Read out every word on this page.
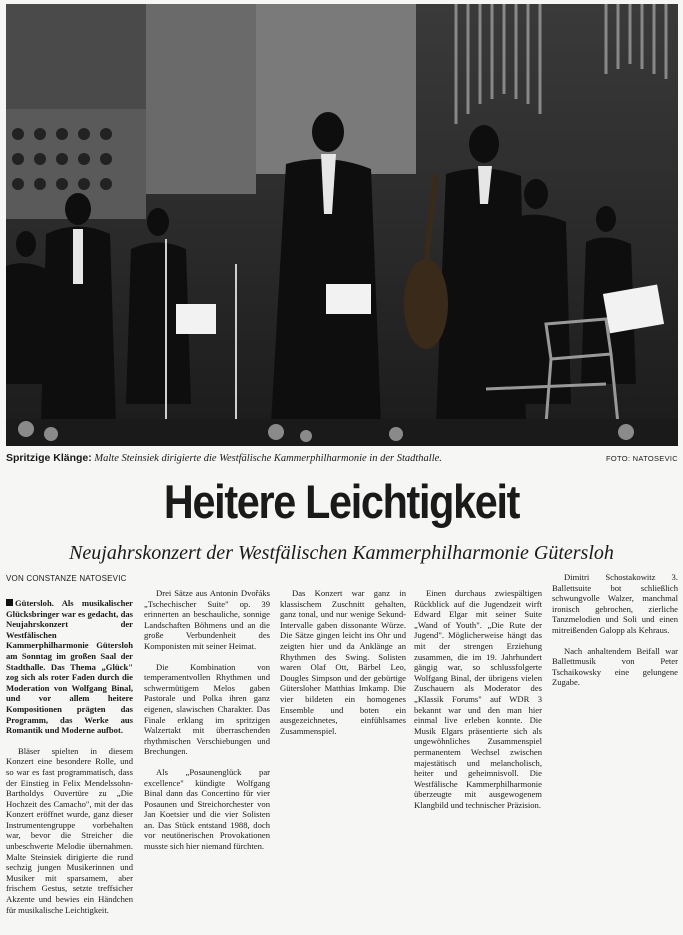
Spritzige Klänge: Malte Steinsiek dirigierte die Westfälische Kammerphilharmonie in der Stadthalle.	FOTO: NATOSEVIC
Heitere Leichtigkeit
Neujahrskonzert der Westfälischen Kammerphilharmonie Gütersloh
VON CONSTANZE NATOSEVIC

Gütersloh. Als musikalischer Glücksbringer war es gedacht, das Neujahrskonzert der Westfälischen Kammerphilharmonie Gütersloh am Sonntag im großen Saal der Stadthalle. Das Thema „Glück" zog sich als roter Faden durch die Moderation von Wolfgang Binal, und vor allem heitere Kompositionen prägten das Programm, das Werke aus Romantik und Moderne aufbot.

Bläser spielten in diesem Konzert eine besondere Rolle, und so war es fast programmatisch, dass der Einstieg in Felix Mendelssohn-Bartholdys Ouvertüre zu „Die Hochzeit des Camacho", mit der das Konzert eröffnet wurde, ganz dieser Instrumentengruppe vorbehalten war, bevor die Streicher die unbeschwerte Melodie übernahmen. Malte Steinsiek dirigierte die rund sechzig jungen Musikerinnen und Musiker mit sparsamem, aber frischem Gestus, setzte treffsicher Akzente und bewies ein Händchen für musikalische Leichtigkeit.

Drei Sätze aus Antonin Dvořáks „Tschechischer Suite" op. 39 erinnerten an beschauliche, sonnige Landschaften Böhmens und an die große Verbundenheit des Komponisten mit seiner Heimat.

Die Kombination von temperamentvollen Rhythmen und schwermütigem Melos gaben Pastorale und Polka ihren ganz eigenen, slawischen Charakter. Das Finale erklang im spritzigen Walzertakt mit überraschenden rhythmischen Verschiebungen und Brechungen.

Als „Posaunenglück par excellence" kündigte Wolfgang Binal dann das Concertino für vier Posaunen und Streichorchester von Jan Koetsier und die vier Solisten an. Das Stück entstand 1988, doch vor neutönerischen Provokationen musste sich hier niemand fürchten.

Das Konzert war ganz in klassischem Zuschnitt gehalten, ganz tonal, und nur wenige Sekund-Intervalle gaben dissonante Würze. Die Sätze gingen leicht ins Ohr und zeigten hier und da Anklänge an Rhythmen des Swing. Solisten waren Olaf Ott, Bärbel Leo, Dougles Simpson und der gebürtige Gütersloher Matthias Imkamp. Die vier bildeten ein homogenes Ensemble und boten ein ausgezeichnetes, einfühlsames Zusammenspiel.

Einen durchaus zwiespältigen Rückblick auf die Jugendzeit wirft Edward Elgar mit seiner Suite „Wand of Youth". „Die Rute der Jugend". Möglicherweise hängt das mit der strengen Erziehung zusammen, die im 19. Jahrhundert gängig war, so schlussfolgerte Wolfgang Binal, der übrigens vielen Zuschauern als Moderator des „Klassik Forums" auf WDR 3 bekannt war und den man hier einmal live erleben konnte. Die Musik Elgars präsentierte sich als ungewöhnliches Zusammenspiel permanentem Wechsel zwischen majestätisch und melancholisch, heiter und geheimnisvoll. Die Westfälische Kammerphilharmonie überzeugte mit ausgewogenem Klangbild und technischer Präzision.

Dimitri Schostakowitz 3. Ballettsuite bot schließlich schwungvolle Walzer, manchmal ironisch gebrochen, zierliche Tanzmelodien und Soli und einen mitreißenden Galopp als Kehraus.

Nach anhaltendem Beifall war Ballettmusik von Peter Tschaikowsky eine gelungene Zugabe.
